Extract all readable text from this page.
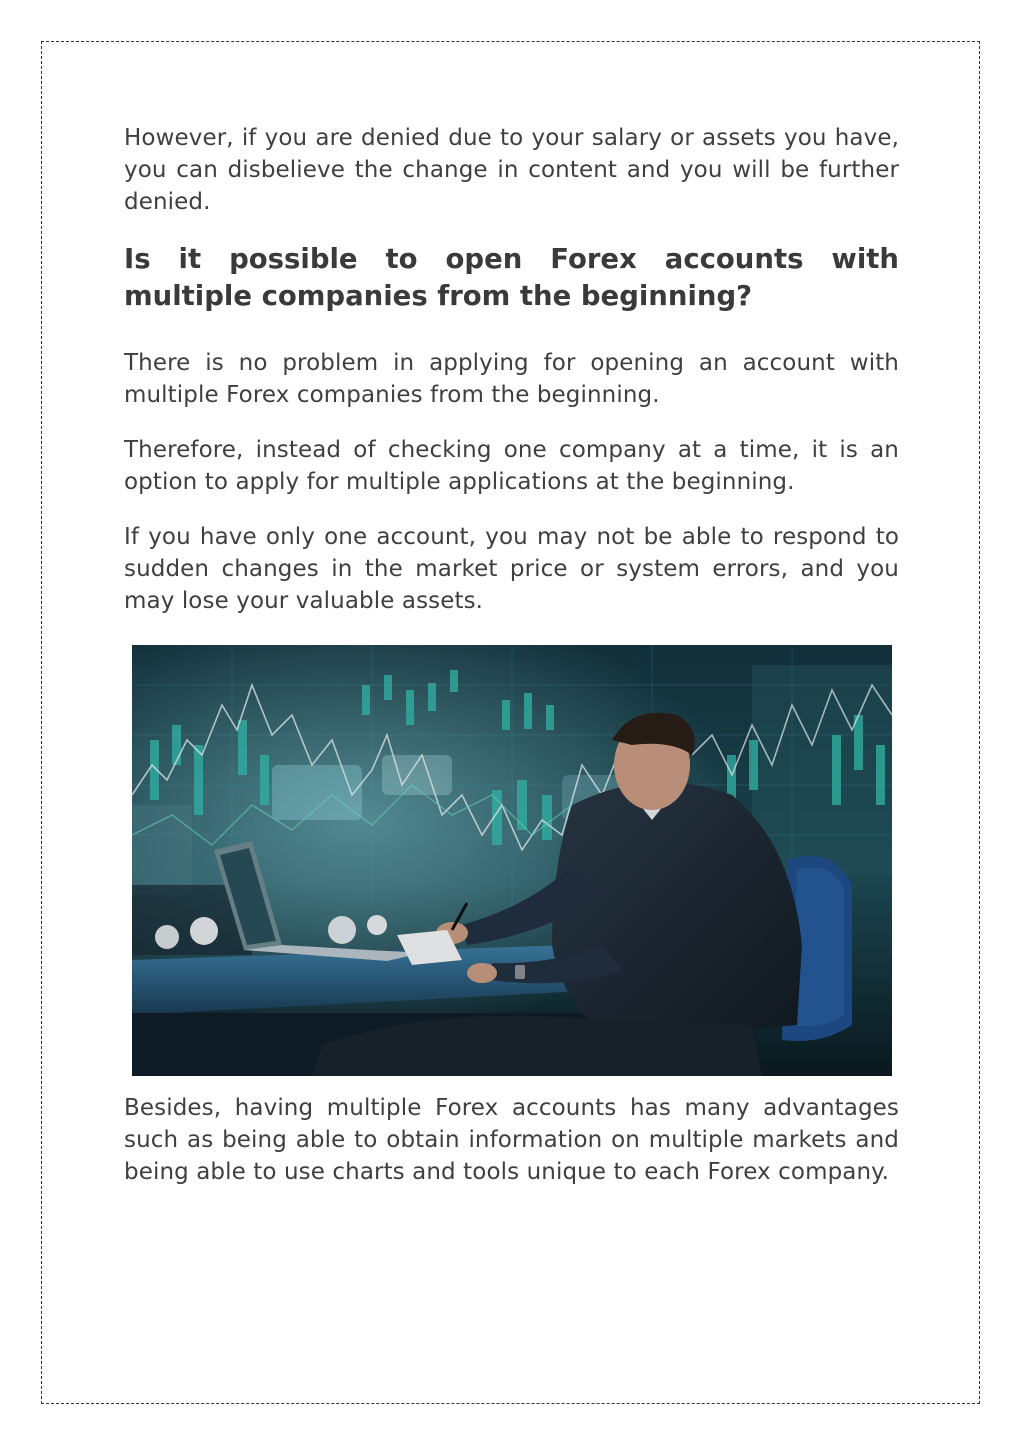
However, if you are denied due to your salary or assets you have, you can disbelieve the change in content and you will be further denied.

Is it possible to open Forex accounts with multiple companies from the beginning?

There is no problem in applying for opening an account with multiple Forex companies from the beginning.

Therefore, instead of checking one company at a time, it is an option to apply for multiple applications at the beginning.

If you have only one account, you may not be able to respond to sudden changes in the market price or system errors, and you may lose your valuable assets.

Besides, having multiple Forex accounts has many advantages such as being able to obtain information on multiple markets and being able to use charts and tools unique to each Forex company.
